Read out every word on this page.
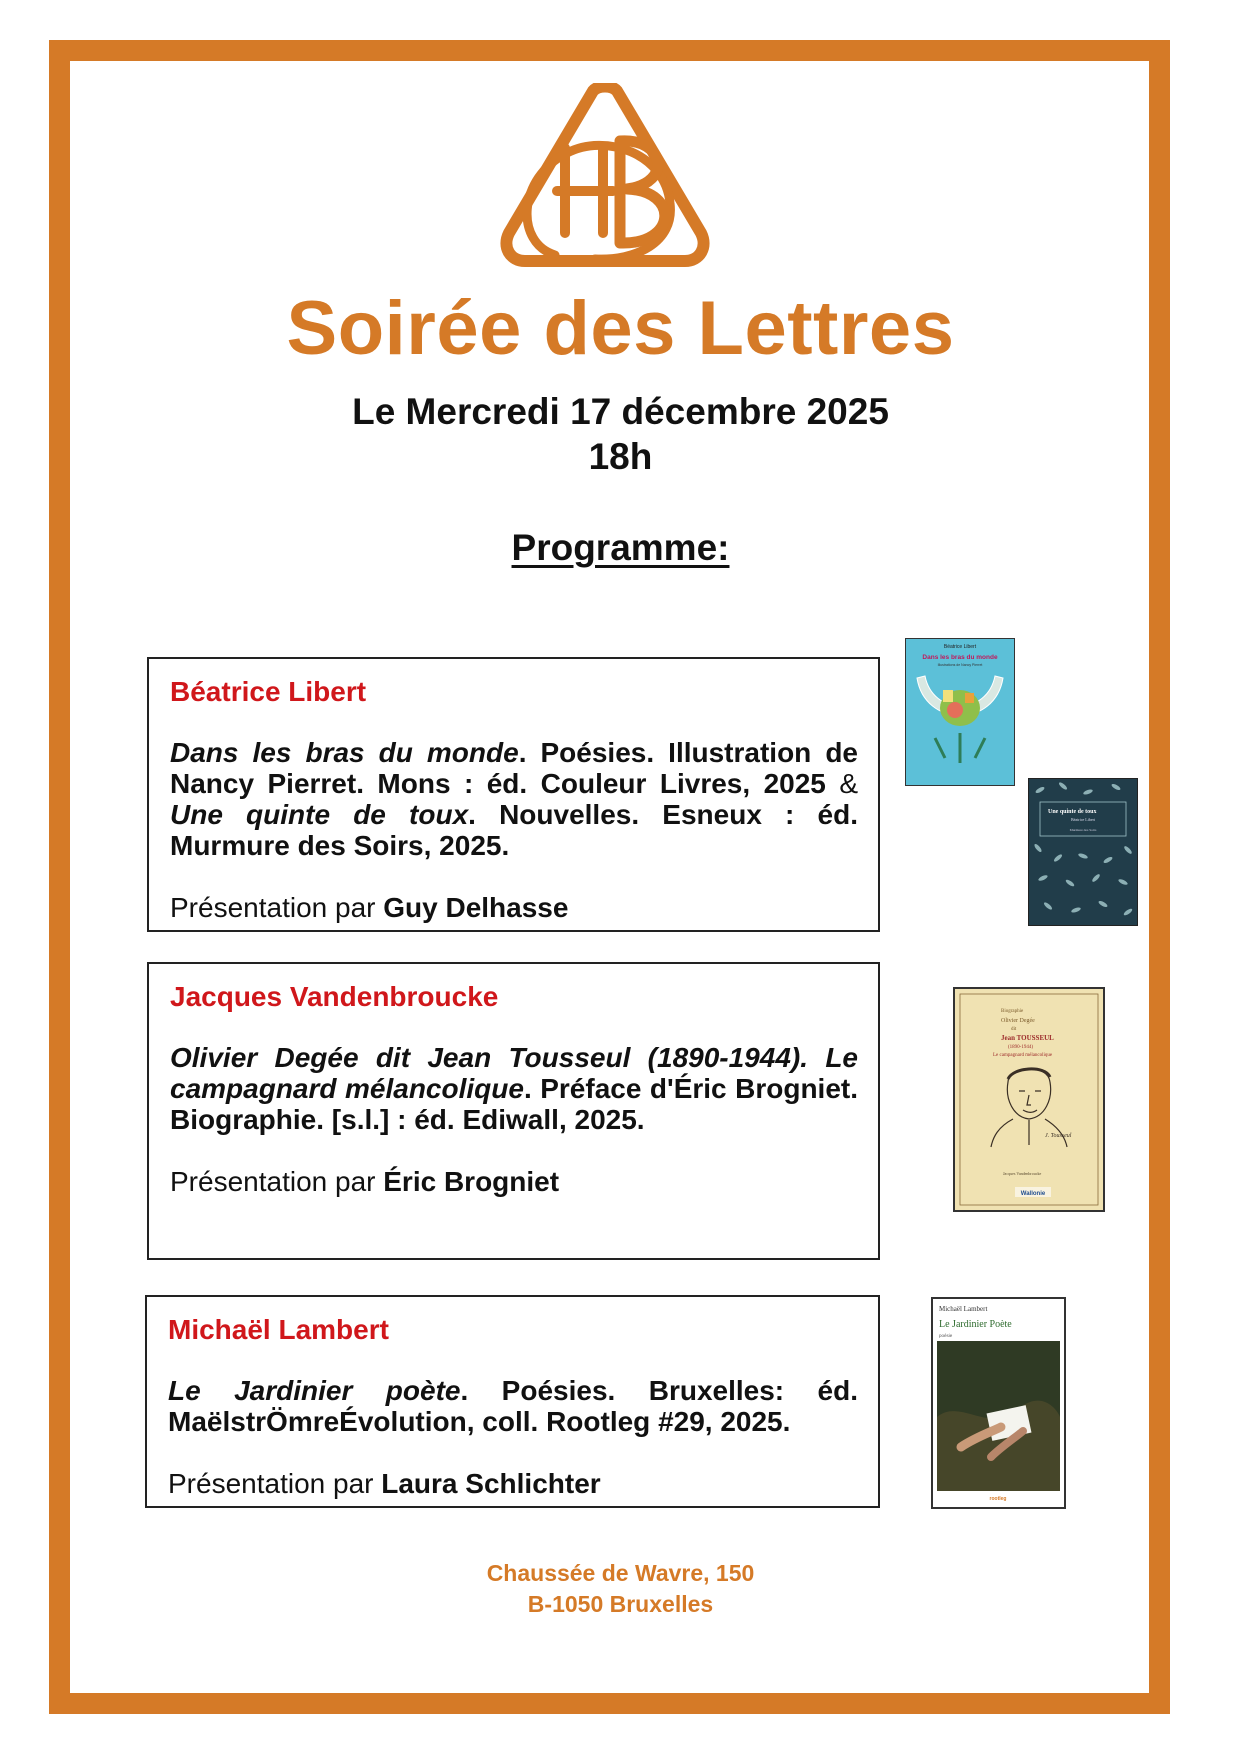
Soirée des Lettres
Le Mercredi 17 décembre 2025
18h
Programme:

Béatrice Libert

Dans les bras du monde. Poésies. Illustration de Nancy Pierret. Mons : éd. Couleur Livres, 2025 & Une quinte de toux. Nouvelles. Esneux : éd. Murmure des Soirs, 2025.

Présentation par Guy Delhasse

Jacques Vandenbroucke

Olivier Degée dit Jean Tousseul (1890-1944). Le campagnard mélancolique. Préface d'Éric Brogniet. Biographie. [s.l.] : éd. Ediwall, 2025.

Présentation par Éric Brogniet

Michaël Lambert

Le Jardinier poète. Poésies. Bruxelles: éd. MaëlstrÖmreÉvolution, coll. Rootleg #29, 2025.

Présentation par Laura Schlichter

Béatrice Libert
Dans les bras du monde
Illustrations de Nancy Pierret
Une quinte de toux
Béatrice Libert
Murmure des Soirs
Biographie
Olivier Degée
dit
Jean TOUSSEUL
(1890-1944)
Le campagnard mélancolique
J. Tousseul
Jacques Vandenbroucke
Wallonie
Michaël Lambert
Le Jardinier Poète
poésie
rootleg
Chaussée de Wavre, 150
B-1050 Bruxelles
